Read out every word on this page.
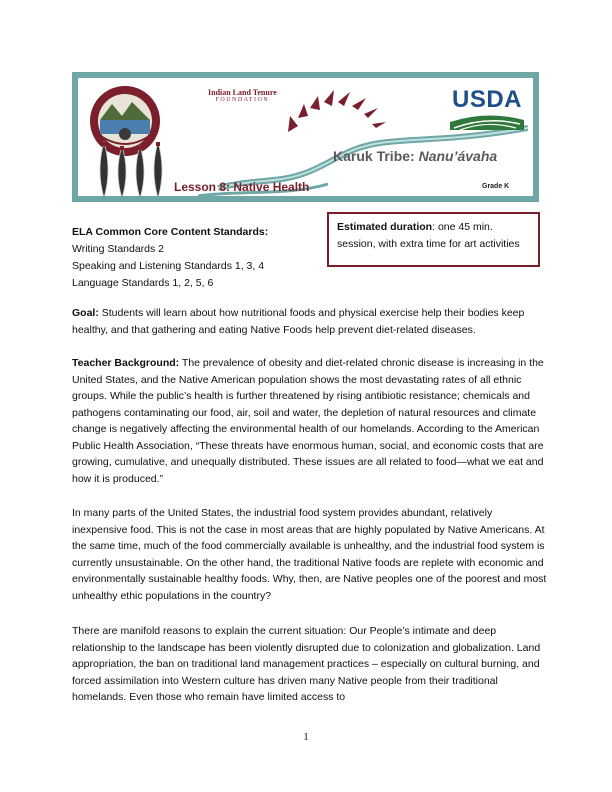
Indian Land Tenure
FOUNDATION	USDA
Karuk Tribe: Nanu’ávaha
Lesson 8: Native Health	Grade K
ELA Common Core Content Standards:
Writing Standards 2
Speaking and Listening Standards 1, 3, 4
Language Standards 1, 2, 5, 6
Estimated duration: one 45 min. session, with extra time for art activities
Goal: Students will learn about how nutritional foods and physical exercise help their bodies keep healthy, and that gathering and eating Native Foods help prevent diet-related diseases.
Teacher Background: The prevalence of obesity and diet-related chronic disease is increasing in the United States, and the Native American population shows the most devastating rates of all ethnic groups. While the public’s health is further threatened by rising antibiotic resistance; chemicals and pathogens contaminating our food, air, soil and water, the depletion of natural resources and climate change is negatively affecting the environmental health of our homelands. According to the American Public Health Association, “These threats have enormous human, social, and economic costs that are growing, cumulative, and unequally distributed. These issues are all related to food—what we eat and how it is produced.”
In many parts of the United States, the industrial food system provides abundant, relatively inexpensive food. This is not the case in most areas that are highly populated by Native Americans. At the same time, much of the food commercially available is unhealthy, and the industrial food system is currently unsustainable. On the other hand, the traditional Native foods are replete with economic and environmentally sustainable healthy foods. Why, then, are Native peoples one of the poorest and most unhealthy ethic populations in the country?
There are manifold reasons to explain the current situation: Our People’s intimate and deep relationship to the landscape has been violently disrupted due to colonization and globalization. Land appropriation, the ban on traditional land management practices – especially on cultural burning, and forced assimilation into Western culture has driven many Native people from their traditional homelands. Even those who remain have limited access to
1
